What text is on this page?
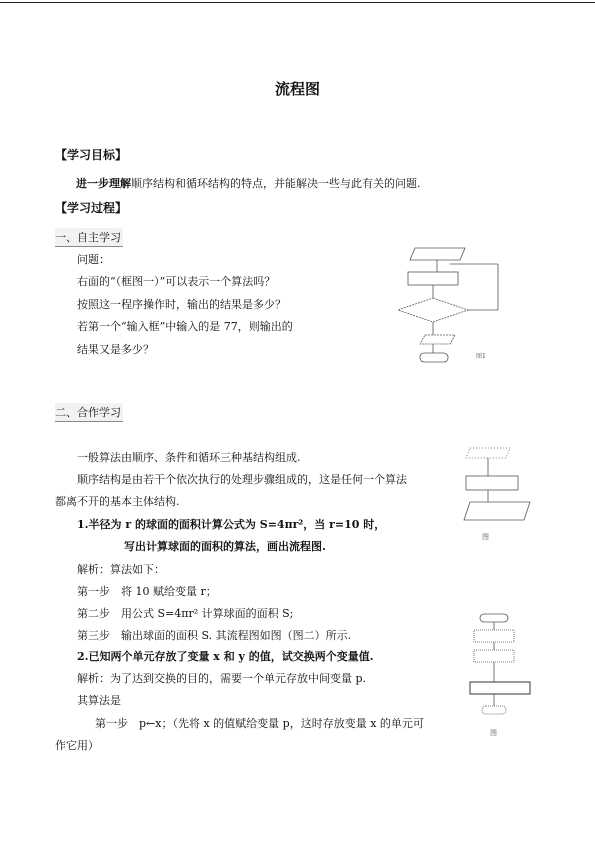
流程图
【学习目标】
进一步理解顺序结构和循环结构的特点，并能解决一些与此有关的问题.
【学习过程】
一、自主学习
问题：
右面的“（框图一）”可以表示一个算法吗？
按照这一程序操作时，输出的结果是多少？
若第一个“输入框”中输入的是 77，则输出的
结果又是多少？
图1
二、合作学习
一般算法由顺序、条件和循环三种基结构组成.
顺序结构是由若干个依次执行的处理步骤组成的，这是任何一个算法
都离不开的基本主体结构.
1.半径为 r 的球面的面积计算公式为 S=4πr²，当 r=10 时，
写出计算球面的面积的算法，画出流程图.
解析：算法如下：
第一步　将 10 赋给变量 r；
第二步　用公式 S=4πr² 计算球面的面积 S;
第三步　输出球面的面积 S. 其流程图如图（图二）所示.
2.已知两个单元存放了变量 x 和 y 的值，试交换两个变量值.
解析：为了达到交换的目的，需要一个单元存放中间变量 p.
其算法是
第一步　p←x；（先将 x 的值赋给变量 p，这时存放变量 x 的单元可
作它用）
图
图
